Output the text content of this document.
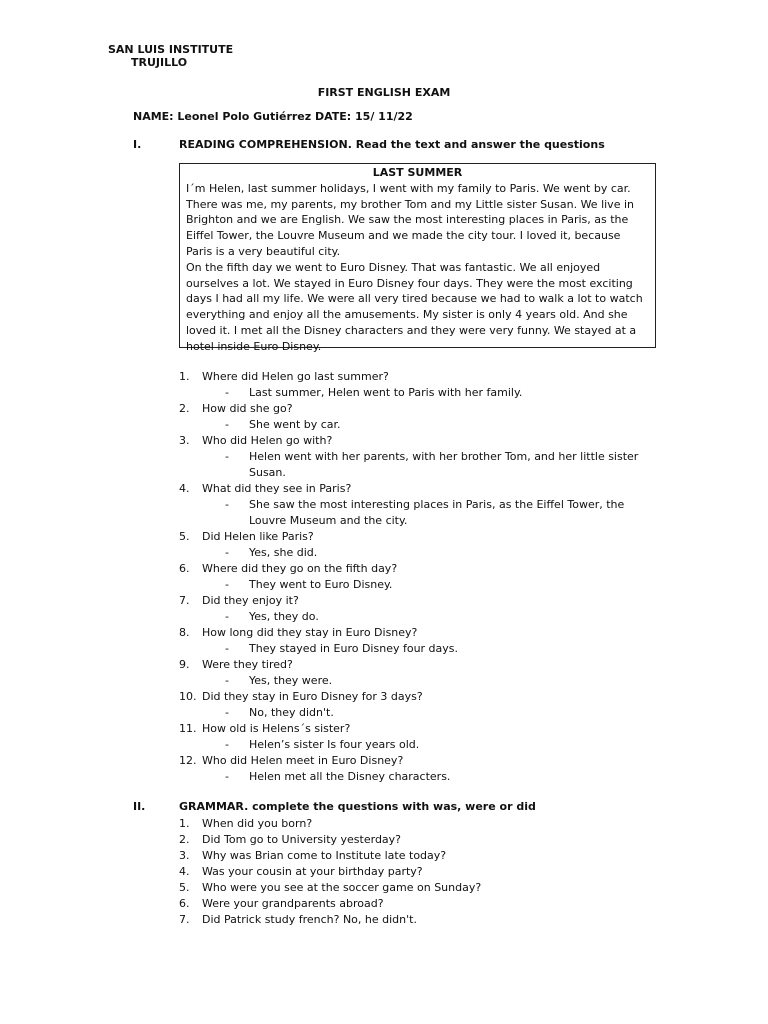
SAN LUIS INSTITUTE
TRUJILLO
FIRST ENGLISH EXAM
NAME: Leonel Polo Gutiérrez DATE: 15/ 11/22
I.	READING COMPREHENSION. Read the text and answer the questions
LAST SUMMER

I´m Helen, last summer holidays, I went with my family to Paris. We went by car. There was me, my parents, my brother Tom and my Little sister Susan. We live in Brighton and we are English. We saw the most interesting places in Paris, as the Eiffel Tower, the Louvre Museum and we made the city tour. I loved it, because Paris is a very beautiful city.

On the fifth day we went to Euro Disney. That was fantastic. We all enjoyed ourselves a lot. We stayed in Euro Disney four days. They were the most exciting days I had all my life. We were all very tired because we had to walk a lot to watch everything and enjoy all the amusements. My sister is only 4 years old. And she loved it. I met all the Disney characters and they were very funny. We stayed at a hotel inside Euro Disney.

1. Where did Helen go last summer?
- Last summer, Helen went to Paris with her family.
2. How did she go?
- She went by car.
3. Who did Helen go with?
- Helen went with her parents, with her brother Tom, and her little sister Susan.
4. What did they see in Paris?
- She saw the most interesting places in Paris, as the Eiffel Tower, the Louvre Museum and the city.
5. Did Helen like Paris?
- Yes, she did.
6. Where did they go on the fifth day?
- They went to Euro Disney.
7. Did they enjoy it?
- Yes, they do.
8. How long did they stay in Euro Disney?
- They stayed in Euro Disney four days.
9. Were they tired?
- Yes, they were.
10. Did they stay in Euro Disney for 3 days?
- No, they didn't.
11. How old is Helens´s sister?
- Helen’s sister Is four years old.
12. Who did Helen meet in Euro Disney?
- Helen met all the Disney characters.
II.	GRAMMAR. complete the questions with was, were or did
1. When did you born?
2. Did Tom go to University yesterday?
3. Why was Brian come to Institute late today?
4. Was your cousin at your birthday party?
5. Who were you see at the soccer game on Sunday?
6. Were your grandparents abroad?
7. Did Patrick study french? No, he didn't.
